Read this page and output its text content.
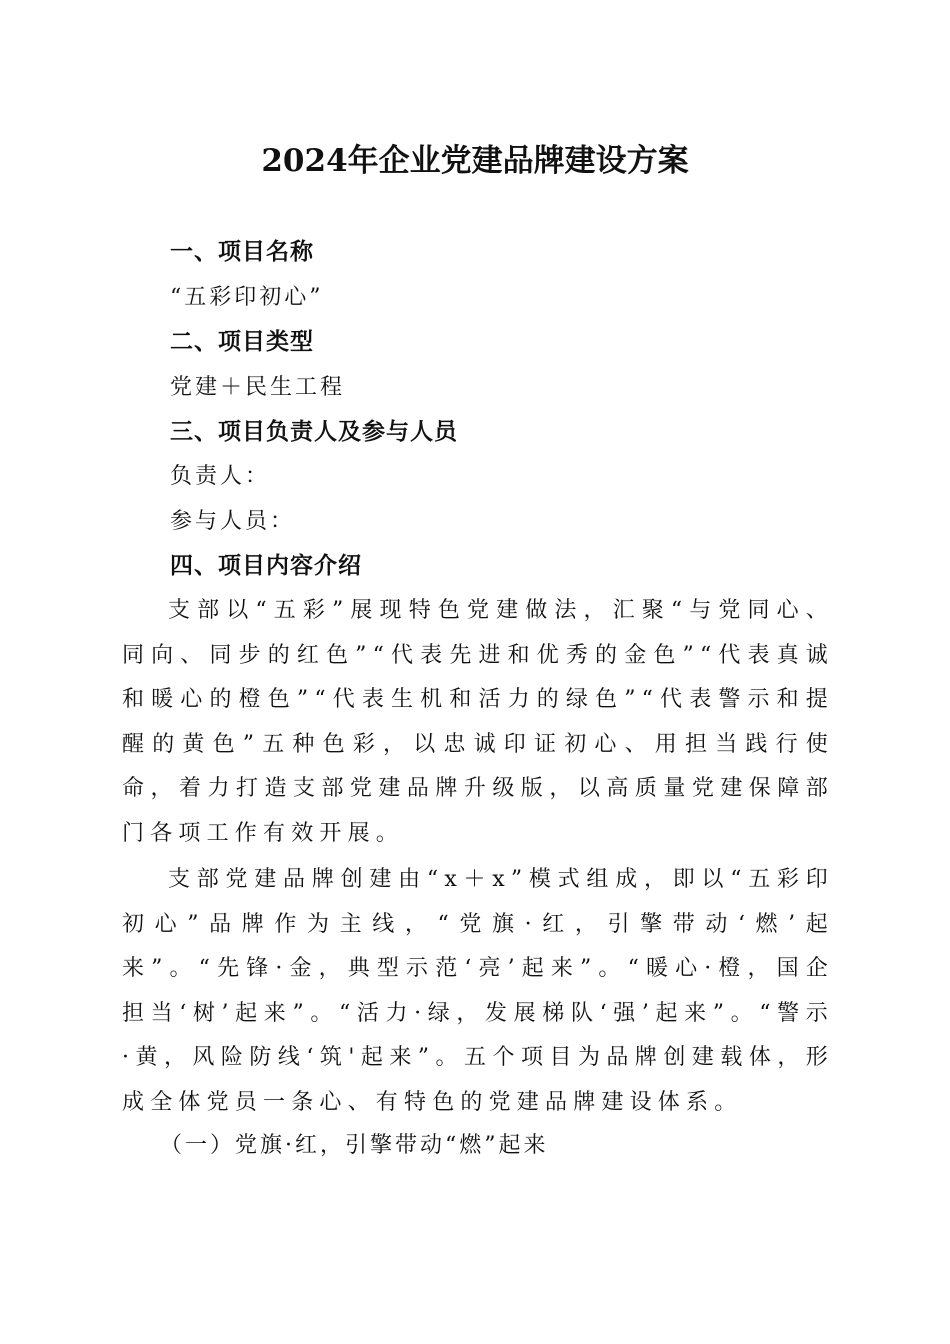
2024年企业党建品牌建设方案
一、项目名称
“五彩印初心”
二、项目类型
党建＋民生工程
三、项目负责人及参与人员
负责人：
参与人员：
四、项目内容介绍
支部以“五彩”展现特色党建做法，汇聚“与党同心、同向、同步的红色”“代表先进和优秀的金色”“代表真诚和暖心的橙色”“代表生机和活力的绿色”“代表警示和提醒的黄色”五种色彩，以忠诚印证初心、用担当践行使命，着力打造支部党建品牌升级版，以高质量党建保障部门各项工作有效开展。
支部党建品牌创建由“x＋x”模式组成，即以“五彩印初心”品牌作为主线，“党旗·红，引擎带动‘燃’起来”。“先锋·金，典型示范‘亮’起来”。“暖心·橙，国企担当‘树’起来”。“活力·绿，发展梯队‘强’起来”。“警示·黄，风险防线‘筑'起来”。五个项目为品牌创建载体，形成全体党员一条心、有特色的党建品牌建设体系。
（一）党旗·红，引擎带动“燃”起来
